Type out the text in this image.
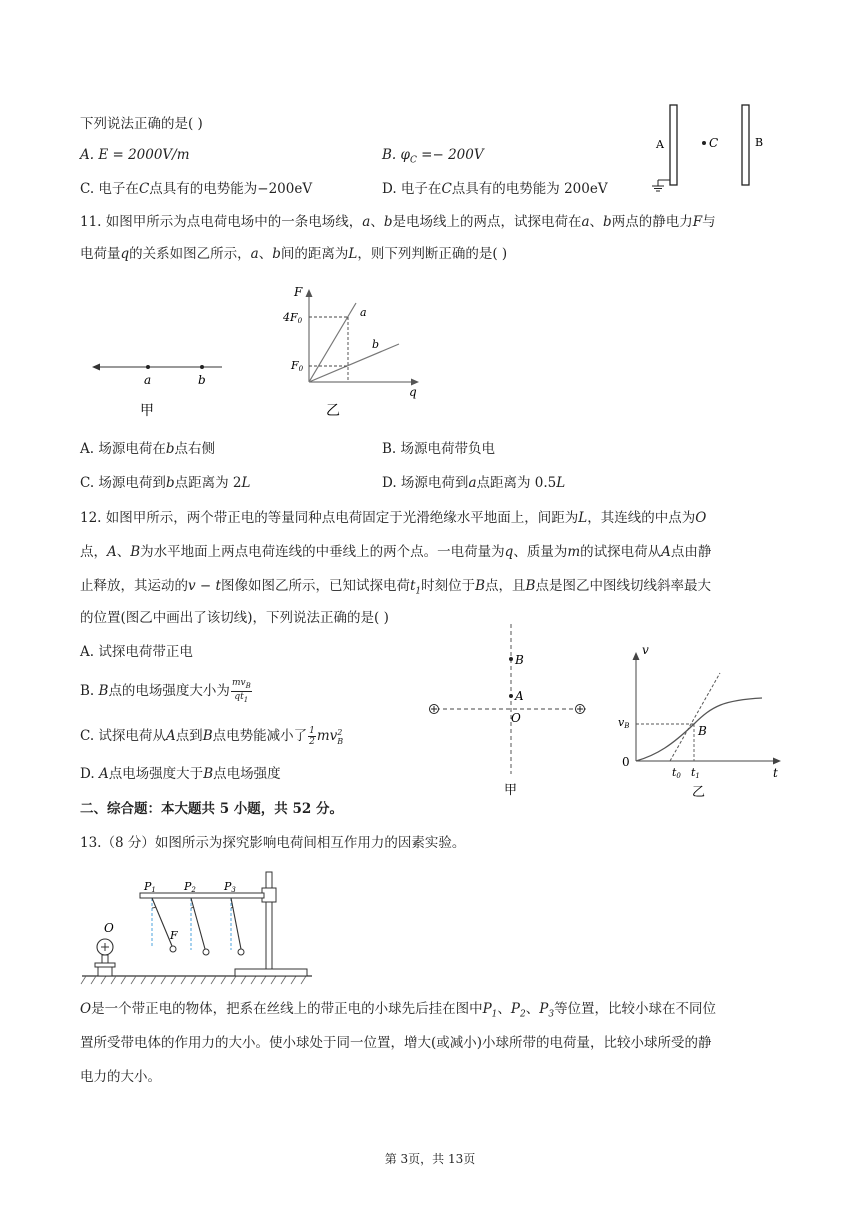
下列说法正确的是( )
A. E = 2000V/m	B. $\varphi_C =- 200V$
C. 电子在C点具有的电势能为−200eV	D. 电子在C点具有的电势能为 200eV
A	B
C
11. 如图甲所示为点电荷电场中的一条电场线，a、b是电场线上的两点，试探电荷在a、b两点的静电力F与
电荷量q的关系如图乙所示，a、b间的距离为L，则下列判断正确的是( )
a	b
甲
F
q
4F0
F0
a
b
乙
A. 场源电荷在b点右侧	B. 场源电荷带负电
C. 场源电荷到b点距离为 2L	D. 场源电荷到a点距离为 0.5L
12. 如图甲所示，两个带正电的等量同种点电荷固定于光滑绝缘水平地面上，间距为L，其连线的中点为O
点，A、B为水平地面上两点电荷连线的中垂线上的两个点。一电荷量为q、质量为m的试探电荷从A点由静
止释放，其运动的v − t图像如图乙所示，已知试探电荷$t_1$时刻位于B点，且B点是图乙中图线切线斜率最大
的位置(图乙中画出了该切线)，下列说法正确的是( )
A. 试探电荷带正电
B. B点的电场强度大小为 $\frac{mv_B}{qt_1}$
C. 试探电荷从A点到B点电势能减小了 $\frac{1}{2}$ mv 2
B
D. A点电场强度大于B点电场强度
B
A
O
甲
v
t
0
vB	B
t0 t1
乙
二、综合题：本大题共 5 小题，共 52 分。
13.（8 分）如图所示为探究影响电荷间相互作用力的因素实验。
P1	P2	P3
F
O
O是一个带正电的物体，把系在丝线上的带正电的小球先后挂在图中$P_1$、$P_2$、$P_3$等位置，比较小球在不同位
置所受带电体的作用力的大小。使小球处于同一位置，增大(或减小)小球所带的电荷量，比较小球所受的静
电力的大小。
第 3页，共 13页
